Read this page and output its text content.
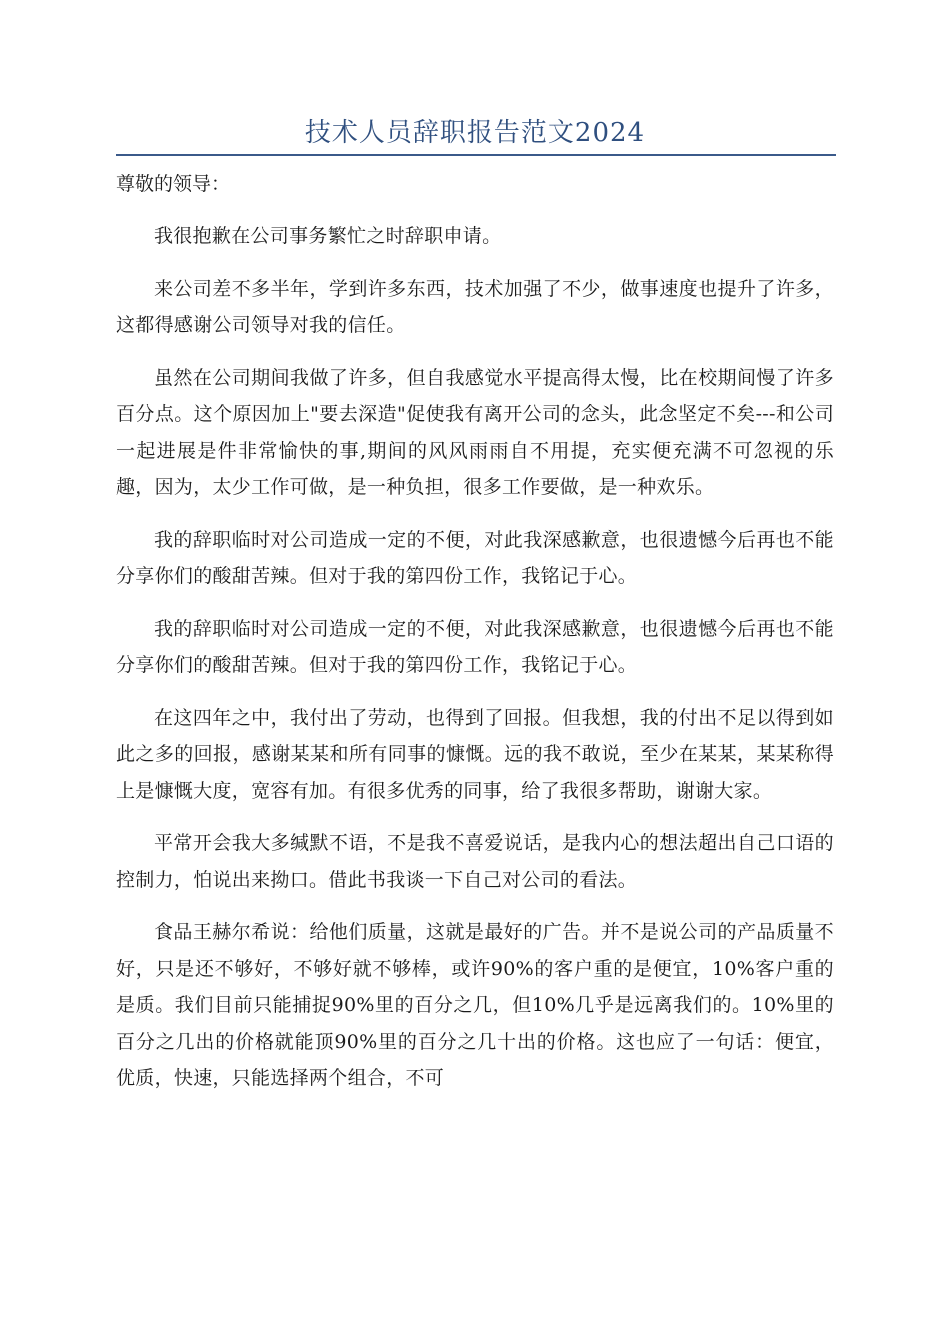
技术人员辞职报告范文2024

尊敬的领导：

我很抱歉在公司事务繁忙之时辞职申请。

来公司差不多半年，学到许多东西，技术加强了不少，做事速度也提升了许多，这都得感谢公司领导对我的信任。

虽然在公司期间我做了许多，但自我感觉水平提高得太慢，比在校期间慢了许多百分点。这个原因加上"要去深造"促使我有离开公司的念头，此念坚定不矣---和公司一起进展是件非常愉快的事,期间的风风雨雨自不用提，充实便充满不可忽视的乐趣，因为，太少工作可做，是一种负担，很多工作要做，是一种欢乐。

我的辞职临时对公司造成一定的不便，对此我深感歉意，也很遗憾今后再也不能分享你们的酸甜苦辣。但对于我的第四份工作，我铭记于心。

我的辞职临时对公司造成一定的不便，对此我深感歉意，也很遗憾今后再也不能分享你们的酸甜苦辣。但对于我的第四份工作，我铭记于心。

在这四年之中，我付出了劳动，也得到了回报。但我想，我的付出不足以得到如此之多的回报，感谢某某和所有同事的慷慨。远的我不敢说，至少在某某，某某称得上是慷慨大度，宽容有加。有很多优秀的同事，给了我很多帮助，谢谢大家。

平常开会我大多缄默不语，不是我不喜爱说话，是我内心的想法超出自己口语的控制力，怕说出来拗口。借此书我谈一下自己对公司的看法。

食品王赫尔希说：给他们质量，这就是最好的广告。并不是说公司的产品质量不好，只是还不够好，不够好就不够棒，或许90%的客户重的是便宜，10%客户重的是质。我们目前只能捕捉90%里的百分之几，但10%几乎是远离我们的。10%里的百分之几出的价格就能顶90%里的百分之几十出的价格。这也应了一句话：便宜，优质，快速，只能选择两个组合，不可
